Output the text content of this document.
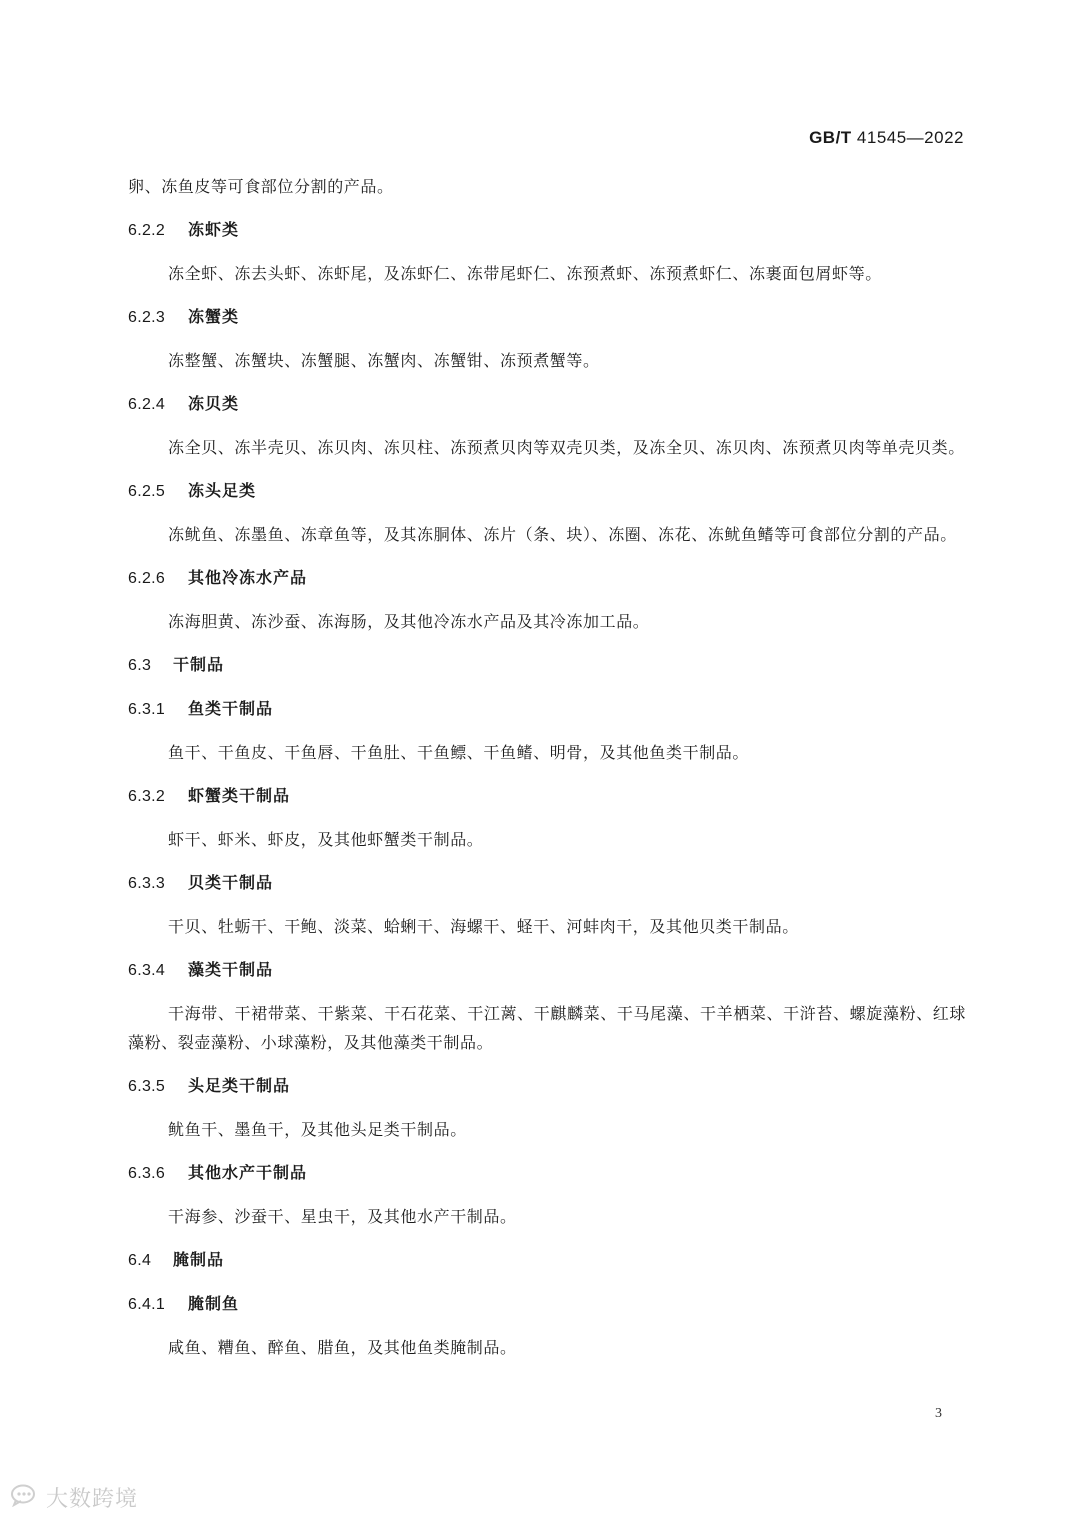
GB/T 41545—2022

卵、冻鱼皮等可食部位分割的产品。

6.2.2	冻虾类

冻全虾、冻去头虾、冻虾尾，及冻虾仁、冻带尾虾仁、冻预煮虾、冻预煮虾仁、冻裹面包屑虾等。

6.2.3	冻蟹类

冻整蟹、冻蟹块、冻蟹腿、冻蟹肉、冻蟹钳、冻预煮蟹等。

6.2.4	冻贝类

冻全贝、冻半壳贝、冻贝肉、冻贝柱、冻预煮贝肉等双壳贝类，及冻全贝、冻贝肉、冻预煮贝肉等单壳贝类。

6.2.5	冻头足类

冻鱿鱼、冻墨鱼、冻章鱼等，及其冻胴体、冻片（条、块）、冻圈、冻花、冻鱿鱼鳍等可食部位分割的产品。

6.2.6	其他冷冻水产品

冻海胆黄、冻沙蚕、冻海肠，及其他冷冻水产品及其冷冻加工品。

6.3	干制品
6.3.1	鱼类干制品

鱼干、干鱼皮、干鱼唇、干鱼肚、干鱼鳔、干鱼鳍、明骨，及其他鱼类干制品。

6.3.2	虾蟹类干制品

虾干、虾米、虾皮，及其他虾蟹类干制品。

6.3.3	贝类干制品

干贝、牡蛎干、干鲍、淡菜、蛤蜊干、海螺干、蛏干、河蚌肉干，及其他贝类干制品。

6.3.4	藻类干制品

干海带、干裙带菜、干紫菜、干石花菜、干江蓠、干麒麟菜、干马尾藻、干羊栖菜、干浒苔、螺旋藻粉、红球藻粉、裂壶藻粉、小球藻粉，及其他藻类干制品。

6.3.5	头足类干制品

鱿鱼干、墨鱼干，及其他头足类干制品。

6.3.6	其他水产干制品

干海参、沙蚕干、星虫干，及其他水产干制品。

6.4	腌制品
6.4.1	腌制鱼

咸鱼、糟鱼、醉鱼、腊鱼，及其他鱼类腌制品。

3
大数跨境
